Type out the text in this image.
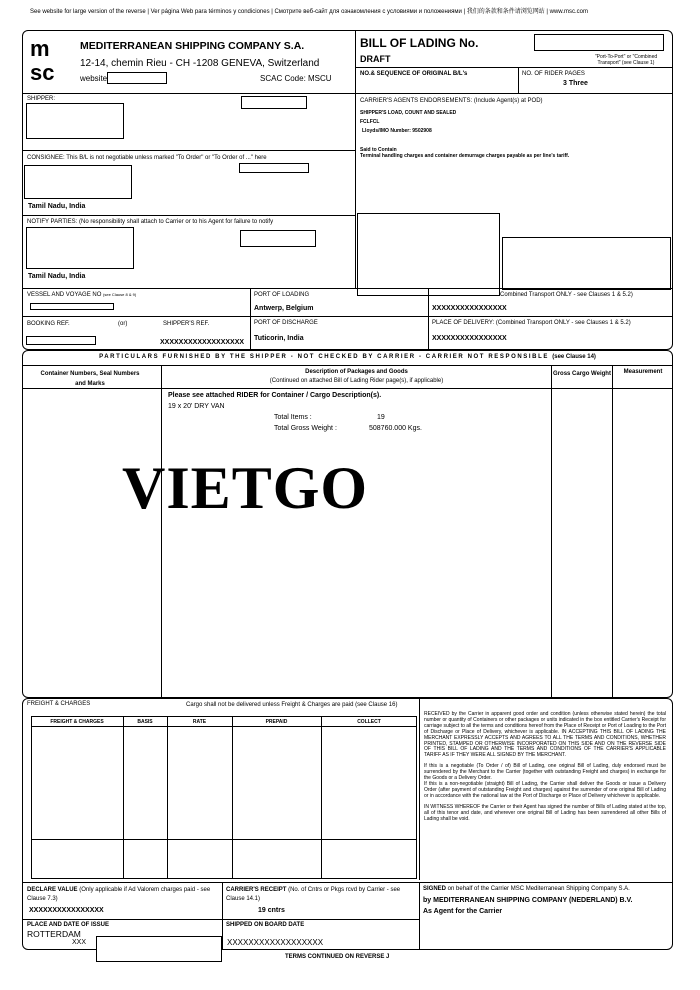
See website for large version of the reverse | Ver página Web para términos y condiciones | Смотрите веб-сайт для ознакомления с условиями и положениями | 我们的条款和条件请浏览网站 | www.msc.com
m
sc
MEDITERRANEAN SHIPPING COMPANY S.A.
12-14, chemin Rieu - CH -1208 GENEVA, Switzerland
website	SCAC Code: MSCU
BILL OF LADING No.
DRAFT	"Port-To-Port" or "Combined Transport" (see Clause 1)
NO.& SEQUENCE OF ORIGINAL B/L's	NO. OF RIDER PAGES
3 Three
SHIPPER:
CONSIGNEE: This B/L is not negotiable unless marked "To Order" or "To Order of ..." here
Tamil Nadu, India
NOTIFY PARTIES: (No responsibility shall attach to Carrier or to his Agent for failure to notify
Tamil Nadu, India
CARRIER'S AGENTS ENDORSEMENTS: (Include Agent(s) at POD)
SHIPPER'S LOAD, COUNT AND SEALED
FCLFCL
Lloyds/IMO Number: 9502908
Said to Contain
Terminal handling charges and container demurrage charges payable as per line's tariff.
VESSEL AND VOYAGE NO (see Clause 8 & 9)	PORT OF LOADING
Antwerp, Belgium
Combined Transport ONLY - see Clauses 1 & 5.2)
XXXXXXXXXXXXXXXX
BOOKING REF.	(or)	SHIPPER'S REF.
XXXXXXXXXXXXXXXXXX
PORT OF DISCHARGE
Tuticorin, India
PLACE OF DELIVERY: (Combined Transport ONLY - see Clauses 1 & 5.2)
XXXXXXXXXXXXXXXX
PARTICULARS FURNISHED BY THE SHIPPER - NOT CHECKED BY CARRIER - CARRIER NOT RESPONSIBLE (see Clause 14)
Container Numbers, Seal Numbers and Marks
Description of Packages and Goods
(Continued on attached Bill of Lading Rider page(s), if applicable)
Gross Cargo Weight	Measurement
Please see attached RIDER for Container / Cargo Description(s).
19 x 20' DRY VAN
Total Items :	19
Total Gross Weight :	508760.000 Kgs.
VIETGO
FREIGHT & CHARGES	Cargo shall not be delivered unless Freight & Charges are paid (see Clause 16)
FREIGHT & CHARGES	BASIS	RATE	PREPAID	COLLECT

RECEIVED by the Carrier in apparent good order and condition (unless otherwise stated herein) the total number or quantity of Containers or other packages or units indicated in the box entitled Carrier's Receipt for carriage subject to all the terms and conditions hereof from the Place of Receipt or Port of Loading to the Port of Discharge or Place of Delivery, whichever is applicable. IN ACCEPTING THIS BILL OF LADING THE MERCHANT EXPRESSLY ACCEPTS AND AGREES TO ALL THE TERMS AND CONDITIONS, WHETHER PRINTED, STAMPED OR OTHERWISE INCORPORATED ON THIS SIDE AND ON THE REVERSE SIDE OF THIS BILL OF LADING AND THE TERMS AND CONDITIONS OF THE CARRIER'S APPLICABLE TARIFF AS IF THEY WERE ALL SIGNED BY THE MERCHANT.

If this is a negotiable (To Order / of) Bill of Lading, one original Bill of Lading, duly endorsed must be surrendered by the Merchant to the Carrier (together with outstanding Freight and charges) in exchange for the Goods or a Delivery Order.

If this is a non-negotiable (straight) Bill of Lading, the Carrier shall deliver the Goods or issue a Delivery Order (after payment of outstanding Freight and charges) against the surrender of one original Bill of Lading or in accordance with the national law at the Port of Discharge or Place of Delivery whichever is applicable.

IN WITNESS WHEREOF the Carrier or their Agent has signed the number of Bills of Lading stated at the top, all of this tenor and date, and wherever one original Bill of Lading has been surrendered all other Bills of Lading shall be void.

DECLARE VALUE (Only applicable if Ad Valorem charges paid - see Clause 7.3)
XXXXXXXXXXXXXXXX
CARRIER'S RECEIPT (No. of Cntrs or Pkgs rcvd by Carrier - see Clause 14.1)
19 cntrs
SIGNED on behalf of the Carrier MSC Mediterranean Shipping Company S.A.
by MEDITERRANEAN SHIPPING COMPANY (NEDERLAND) B.V.
As Agent for the Carrier
PLACE AND DATE OF ISSUE
ROTTERDAM
XXX
SHIPPED ON BOARD DATE
XXXXXXXXXXXXXXXXXX
TERMS CONTINUED ON REVERSE J
